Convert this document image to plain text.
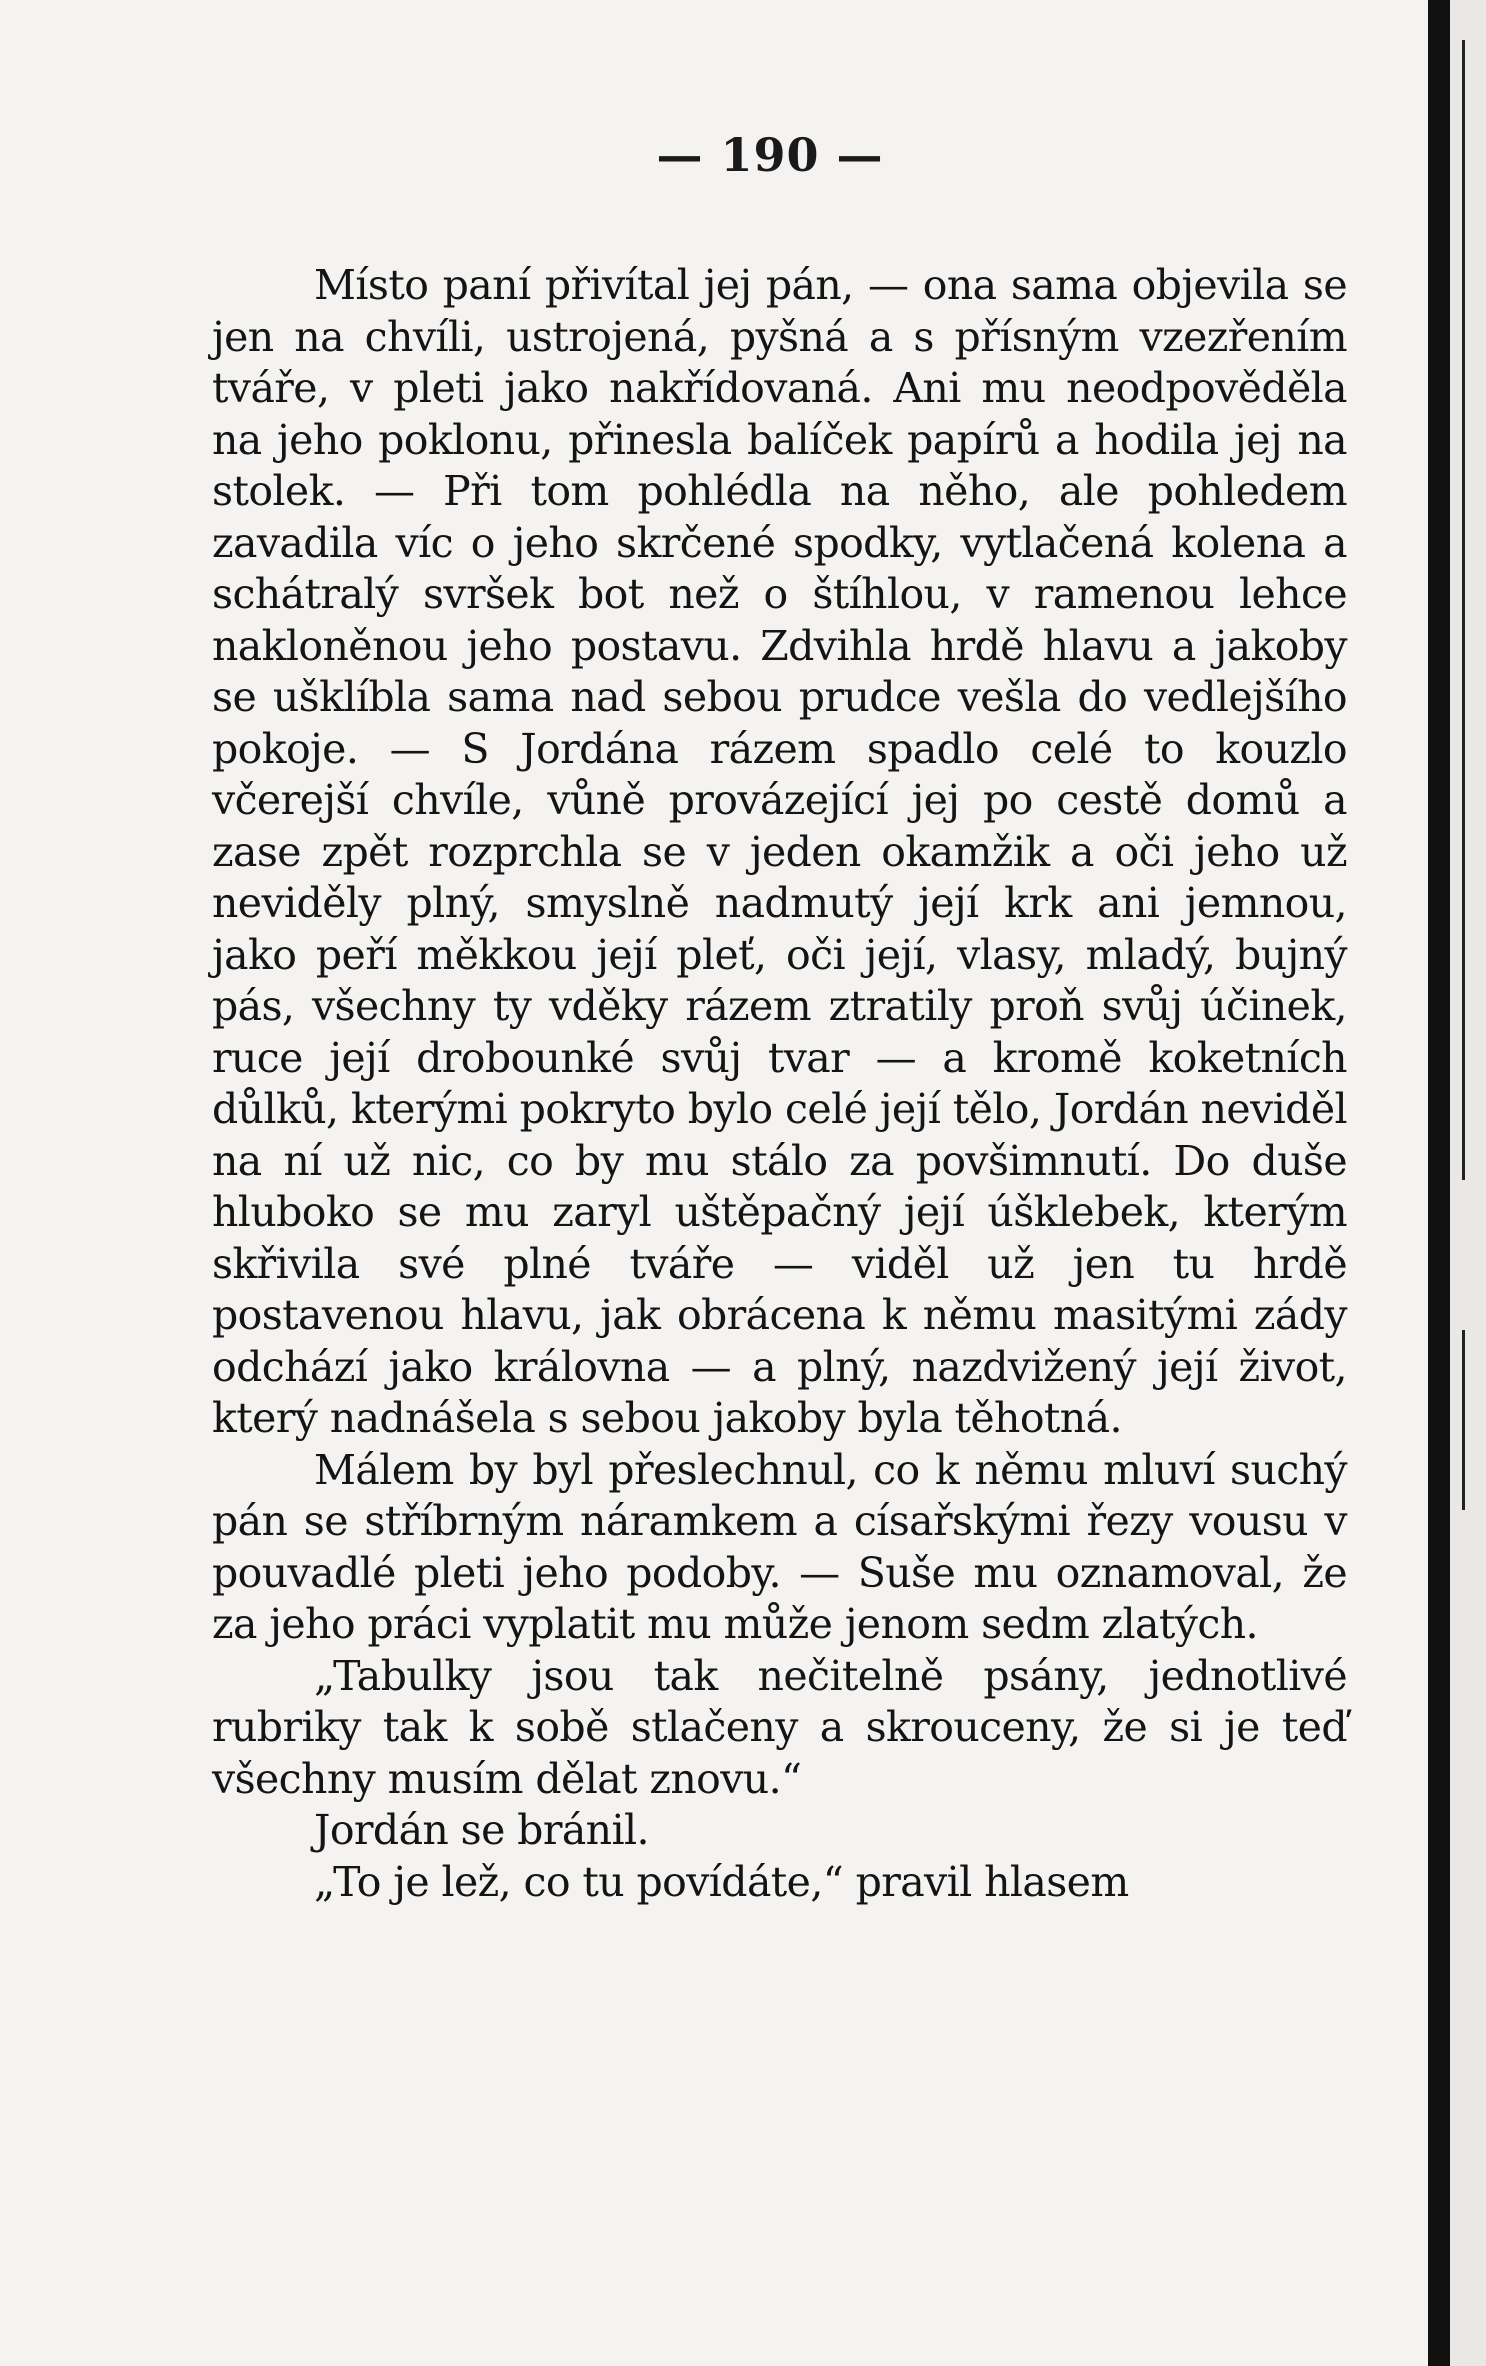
— 190 —

Místo paní přivítal jej pán, — ona sama objevila se jen na chvíli, ustrojená, pyšná a s přísným vzezřením tváře, v pleti jako nakřídovaná. Ani mu neodpověděla na jeho poklonu, přinesla balíček papírů a hodila jej na stolek. — Při tom pohlédla na něho, ale pohledem zavadila víc o jeho skrčené spodky, vytlačená kolena a schátralý svršek bot než o štíhlou, v ramenou lehce nakloněnou jeho postavu. Zdvihla hrdě hlavu a jakoby se ušklíbla sama nad sebou prudce vešla do vedlejšího pokoje. — S Jordána rázem spadlo celé to kouzlo včerejší chvíle, vůně provázející jej po cestě domů a zase zpět rozprchla se v jeden okamžik a oči jeho už neviděly plný, smyslně nadmutý její krk ani jemnou, jako peří měkkou její pleť, oči její, vlasy, mladý, bujný pás, všechny ty vděky rázem ztratily proň svůj účinek, ruce její drobounké svůj tvar — a kromě koketních důlků, kterými pokryto bylo celé její tělo, Jordán neviděl na ní už nic, co by mu stálo za povšimnutí. Do duše hluboko se mu zaryl uštěpačný její úšklebek, kterým skřivila své plné tváře — viděl už jen tu hrdě postavenou hlavu, jak obrácena k němu masitými zády odchází jako královna — a plný, nazdvižený její život, který nadnášela s sebou jakoby byla těhotná.

Málem by byl přeslechnul, co k němu mluví suchý pán se stříbrným náramkem a císařskými řezy vousu v pouvadlé pleti jeho podoby. — Suše mu oznamoval, že za jeho práci vyplatit mu může jenom sedm zlatých.

„Tabulky jsou tak nečitelně psány, jednotlivé rubriky tak k sobě stlačeny a skrouceny, že si je teď všechny musím dělat znovu.“

Jordán se bránil.

„To je lež, co tu povídáte,“ pravil hlasem
